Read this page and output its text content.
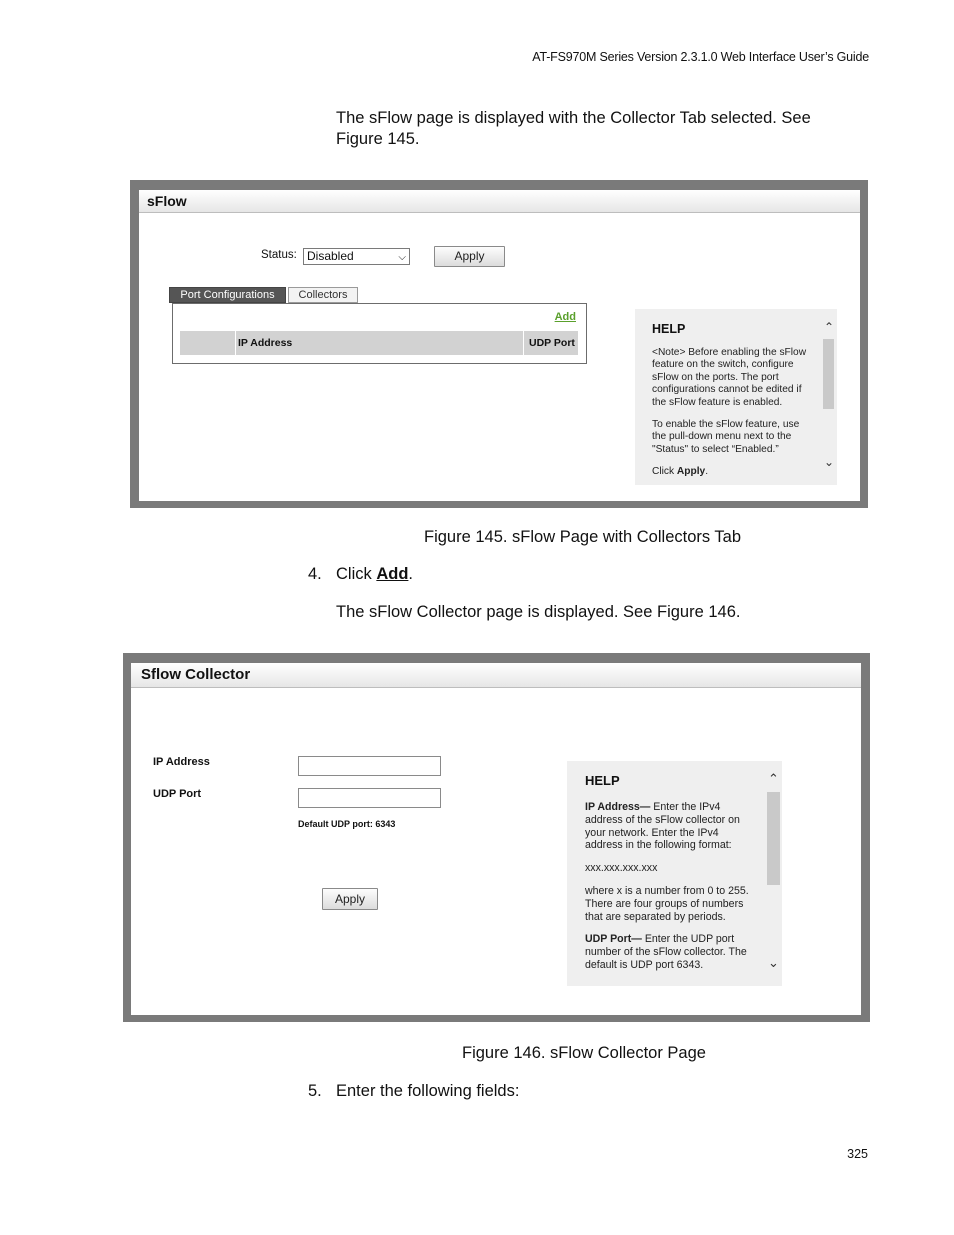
AT-FS970M Series Version 2.3.1.0 Web Interface User’s Guide
The sFlow page is displayed with the Collector Tab selected. See Figure 145.
sFlow
Status: Disabled	⌵	Apply
Port Configurations	Collectors
Add
IP Address	UDP Port
HELP

<Note> Before enabling the sFlow feature on the switch, configure sFlow on the ports. The port configurations cannot be edited if the sFlow feature is enabled.

To enable the sFlow feature, use the pull-down menu next to the "Status" to select “Enabled.”

Click Apply.

⌃
⌄
Figure 145. sFlow Page with Collectors Tab
4. Click Add.
The sFlow Collector page is displayed. See Figure 146.
Sflow Collector
IP Address
UDP Port
Default UDP port: 6343
Apply
HELP

IP Address— Enter the IPv4 address of the sFlow collector on your network. Enter the IPv4 address in the following format:

xxx.xxx.xxx.xxx

where x is a number from 0 to 255. There are four groups of numbers that are separated by periods.

UDP Port— Enter the UDP port number of the sFlow collector. The default is UDP port 6343.

⌃
⌄
Figure 146. sFlow Collector Page
5. Enter the following fields:
325
